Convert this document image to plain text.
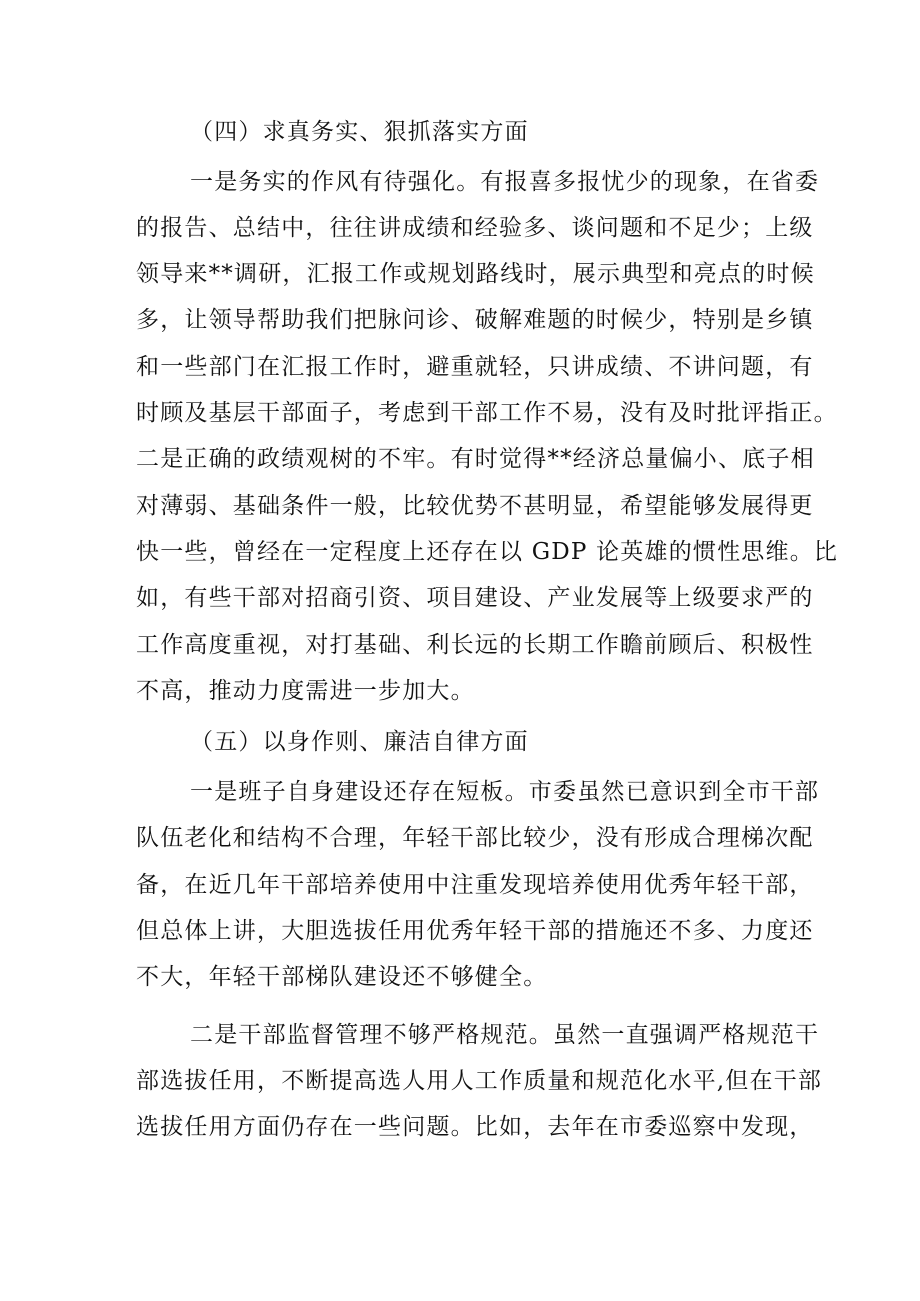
（四）求真务实、狠抓落实方面
一是务实的作风有待强化。有报喜多报忧少的现象，在省委
的报告、总结中，往往讲成绩和经验多、谈问题和不足少；上级
领导来**调研，汇报工作或规划路线时，展示典型和亮点的时候
多，让领导帮助我们把脉问诊、破解难题的时候少，特别是乡镇
和一些部门在汇报工作时，避重就轻，只讲成绩、不讲问题，有
时顾及基层干部面子，考虑到干部工作不易，没有及时批评指正。
二是正确的政绩观树的不牢。有时觉得**经济总量偏小、底子相
对薄弱、基础条件一般，比较优势不甚明显，希望能够发展得更
快一些，曾经在一定程度上还存在以 GDP 论英雄的惯性思维。比
如，有些干部对招商引资、项目建设、产业发展等上级要求严的
工作高度重视，对打基础、利长远的长期工作瞻前顾后、积极性
不高，推动力度需进一步加大。
（五）以身作则、廉洁自律方面
一是班子自身建设还存在短板。市委虽然已意识到全市干部
队伍老化和结构不合理，年轻干部比较少，没有形成合理梯次配
备，在近几年干部培养使用中注重发现培养使用优秀年轻干部，
但总体上讲，大胆选拔任用优秀年轻干部的措施还不多、力度还
不大，年轻干部梯队建设还不够健全。
二是干部监督管理不够严格规范。虽然一直强调严格规范干
部选拔任用，不断提高选人用人工作质量和规范化水平,但在干部
选拔任用方面仍存在一些问题。比如，去年在市委巡察中发现，
